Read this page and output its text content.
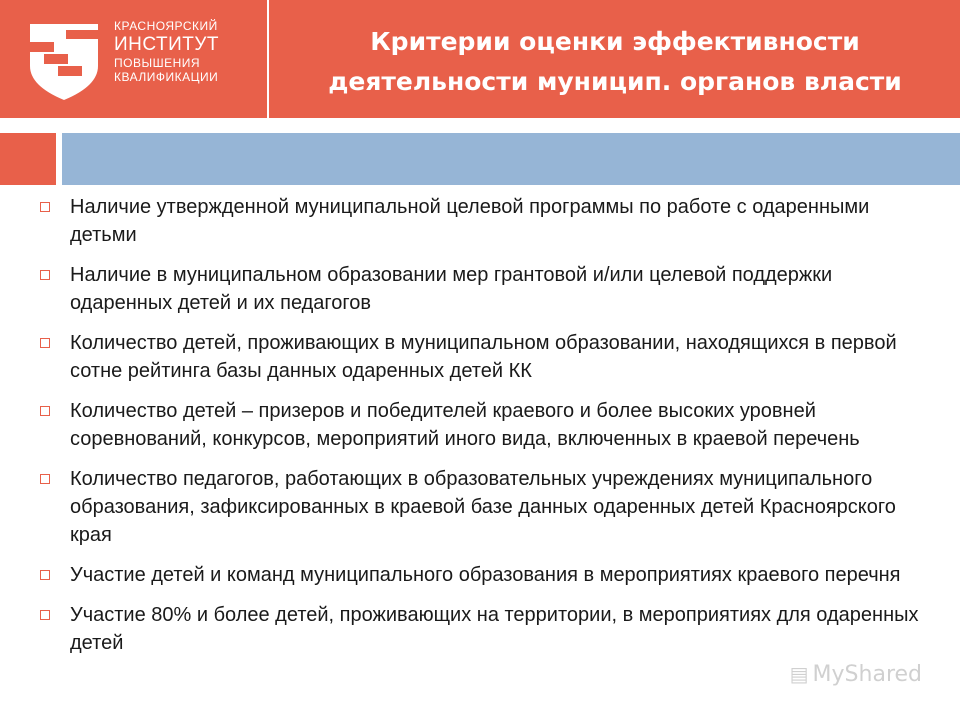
КРАСНОЯРСКИЙ
ИНСТИТУТ
ПОВЫШЕНИЯ
КВАЛИФИКАЦИИ
Критерии оценки эффективности
деятельности муницип. органов власти
Наличие утвержденной муниципальной целевой программы по работе с одаренными детьми
Наличие в муниципальном образовании мер грантовой и/или целевой поддержки одаренных детей и их педагогов
Количество детей, проживающих в муниципальном образовании, находящихся в первой сотне рейтинга базы данных одаренных детей КК
Количество детей – призеров и победителей краевого и более высоких уровней соревнований, конкурсов, мероприятий иного вида, включенных в краевой перечень
Количество педагогов, работающих в образовательных учреждениях муниципального образования, зафиксированных в краевой базе данных одаренных детей Красноярского края
Участие детей и команд муниципального образования в мероприятиях краевого перечня
Участие 80% и более детей, проживающих на территории, в мероприятиях для одаренных детей
▤ MyShared
